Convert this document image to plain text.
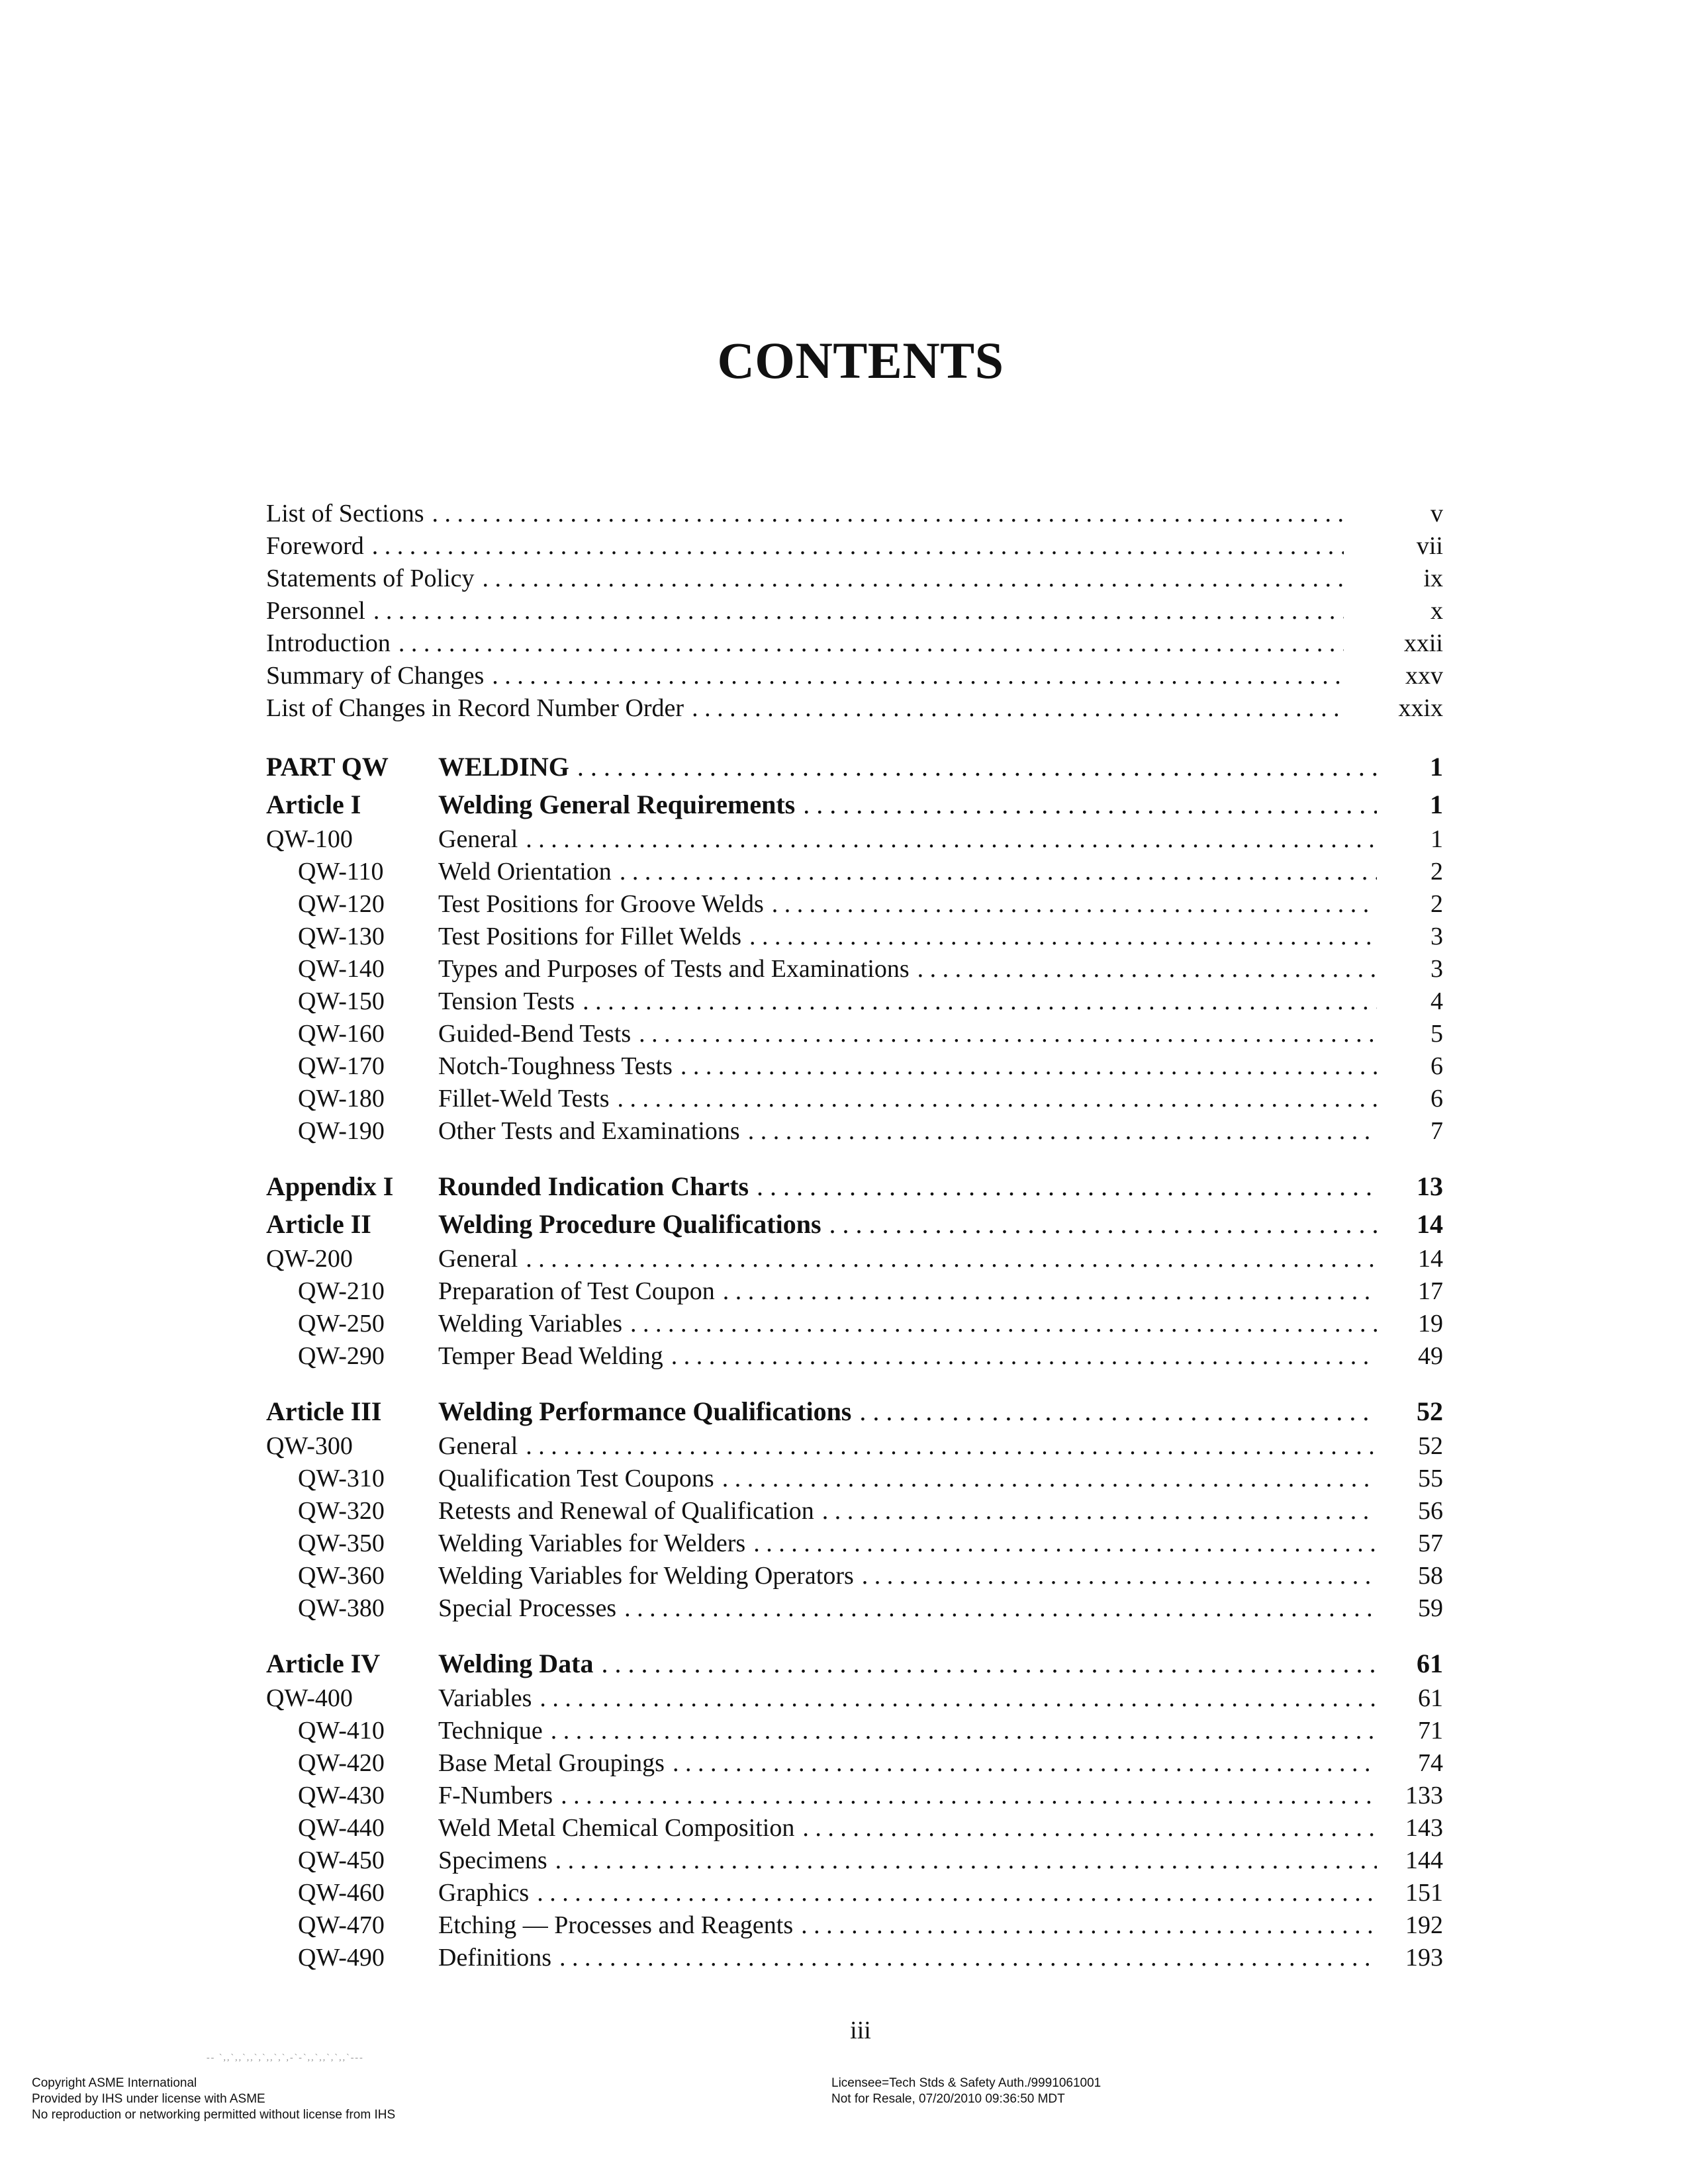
CONTENTS
List of Sections . . .	v
Foreword . . .	vii
Statements of Policy . . .	ix
Personnel . . .	x
Introduction . . .	xxii
Summary of Changes . . .	xxv
List of Changes in Record Number Order . . .	xxix
PART QW WELDING . . .	1
Article I	Welding General Requirements . . .	1
QW-100	General . . .	1
QW-110 Weld Orientation . . .	2
QW-120 Test Positions for Groove Welds . . .	2
QW-130 Test Positions for Fillet Welds . . .	3
QW-140 Types and Purposes of Tests and Examinations . . .	3
QW-150 Tension Tests . . .	4
QW-160 Guided-Bend Tests . . .	5
QW-170 Notch-Toughness Tests . . .	6
QW-180 Fillet-Weld Tests . . .	6
QW-190 Other Tests and Examinations . . .	7
Appendix I Rounded Indication Charts . . .	13
Article II	Welding Procedure Qualifications . . .	14
QW-200	General . . .	14
QW-210 Preparation of Test Coupon . . .	17
QW-250 Welding Variables . . .	19
QW-290 Temper Bead Welding . . .	49
Article III Welding Performance Qualifications . . .	52
QW-300	General . . .	52
QW-310 Qualification Test Coupons . . .	55
QW-320 Retests and Renewal of Qualification . . .	56
QW-350 Welding Variables for Welders . . .	57
QW-360 Welding Variables for Welding Operators . . .	58
QW-380 Special Processes . . .	59
Article IV Welding Data . . .	61
QW-400	Variables . . .	61
QW-410 Technique . . .	71
QW-420 Base Metal Groupings . . .	74
QW-430 F-Numbers . . .	133
QW-440 Weld Metal Chemical Composition . . .	143
QW-450 Specimens . . .	144
QW-460 Graphics . . .	151
QW-470 Etching — Processes and Reagents . . .	192
QW-490 Definitions . . .	193
iii
-- `,,`,,`,,`,`,,`,`,-`-`,,`,,`,`,,`---
Copyright ASME International
Provided by IHS under license with ASME
No reproduction or networking permitted without license from IHS
Licensee=Tech Stds & Safety Auth./9991061001
Not for Resale, 07/20/2010 09:36:50 MDT
